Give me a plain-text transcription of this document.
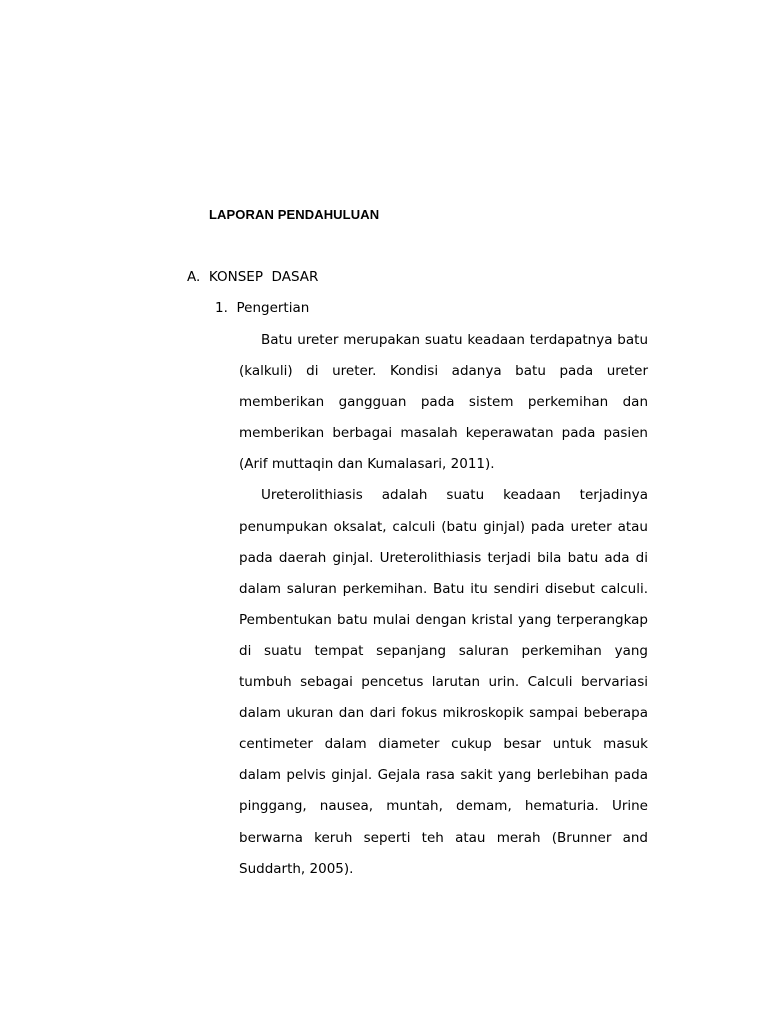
LAPORAN PENDAHULUAN
A. KONSEP  DASAR
1. Pengertian

Batu ureter merupakan suatu keadaan terdapatnya batu (kalkuli) di ureter. Kondisi adanya batu pada ureter memberikan gangguan pada sistem perkemihan dan memberikan berbagai masalah keperawatan pada pasien (Arif muttaqin dan Kumalasari, 2011).

Ureterolithiasis adalah suatu keadaan terjadinya penumpukan oksalat, calculi (batu ginjal) pada ureter atau pada daerah ginjal. Ureterolithiasis terjadi bila batu ada di dalam saluran perkemihan. Batu itu sendiri disebut calculi. Pembentukan batu mulai dengan kristal yang terperangkap di suatu tempat sepanjang saluran perkemihan yang tumbuh sebagai pencetus larutan urin. Calculi bervariasi dalam ukuran dan dari fokus mikroskopik sampai beberapa centimeter dalam diameter cukup besar untuk masuk dalam pelvis ginjal. Gejala rasa sakit yang berlebihan pada pinggang, nausea, muntah, demam, hematuria. Urine berwarna keruh seperti teh atau merah (Brunner and Suddarth, 2005).
